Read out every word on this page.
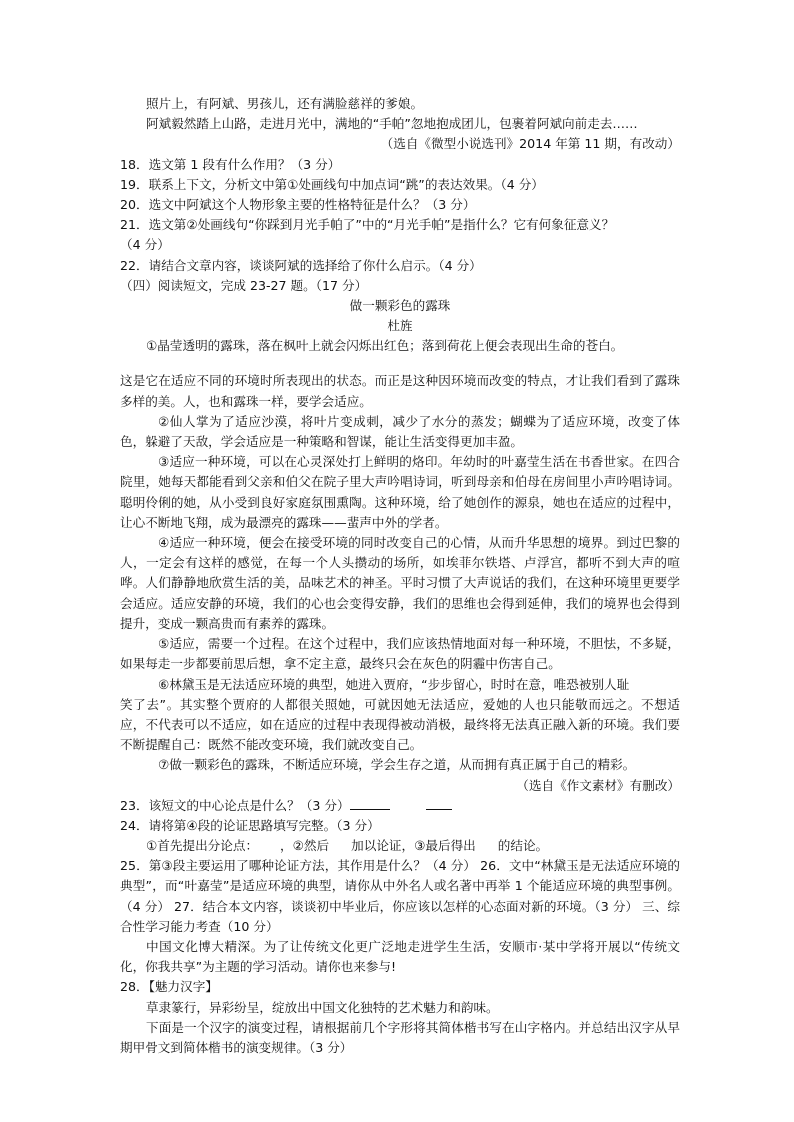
照片上，有阿斌、男孩儿，还有满脸慈祥的爹娘。
阿斌毅然踏上山路，走进月光中，满地的“手帕”忽地抱成团儿，包裹着阿斌向前走去……
（选自《微型小说选刊》2014 年第 11 期，有改动）
18．选文第 1 段有什么作用？（3 分）
19．联系上下文，分析文中第①处画线句中加点词“跳”的表达效果。（4 分）
20．选文中阿斌这个人物形象主要的性格特征是什么？（3 分）
21．选文第②处画线句“你踩到月光手帕了”中的“月光手帕”是指什么？它有何象征意义？
（4 分）
22．请结合文章内容，谈谈阿斌的选择给了你什么启示。（4 分）
（四）阅读短文，完成 23-27 题。（17 分）
做一颗彩色的露珠
杜旌
①晶莹透明的露珠，落在枫叶上就会闪烁出红色；落到荷花上便会表现出生命的苍白。
这是它在适应不同的环境时所表现出的状态。而正是这种因环境而改变的特点，才让我们看到了露珠多样的美。人，也和露珠一样，要学会适应。
②仙人掌为了适应沙漠，将叶片变成刺，减少了水分的蒸发；蝴蝶为了适应环境，改变了体色，躲避了天敌，学会适应是一种策略和智谋，能让生活变得更加丰盈。
③适应一种环境，可以在心灵深处打上鲜明的烙印。年幼时的叶嘉莹生活在书香世家。在四合院里，她每天都能看到父亲和伯父在院子里大声吟唱诗词，听到母亲和伯母在房间里小声吟唱诗词。聪明伶俐的她，从小受到良好家庭氛围熏陶。这种环境，给了她创作的源泉，她也在适应的过程中，让心不断地飞翔，成为最漂亮的露珠——蜚声中外的学者。
④适应一种环境，便会在接受环境的同时改变自己的心情，从而升华思想的境界。到过巴黎的人，一定会有这样的感觉，在每一个人头攒动的场所，如埃菲尔铁塔、卢浮宫，都听不到大声的喧哗。人们静静地欣赏生活的美，品味艺术的神圣。平时习惯了大声说话的我们，在这种环境里更要学会适应。适应安静的环境，我们的心也会变得安静，我们的思维也会得到延伸，我们的境界也会得到提升，变成一颗高贵而有素养的露珠。
⑤适应，需要一个过程。在这个过程中，我们应该热情地面对每一种环境，不胆怯，不多疑，如果每走一步都要前思后想，拿不定主意，最终只会在灰色的阴霾中伤害自己。
⑥林黛玉是无法适应环境的典型，她进入贾府，“步步留心，时时在意，唯恐被别人耻
笑了去”。其实整个贾府的人都很关照她，可就因她无法适应，爱她的人也只能敬而远之。不想适应，不代表可以不适应，如在适应的过程中表现得被动消极，最终将无法真正融入新的环境。我们要不断提醒自己：既然不能改变环境，我们就改变自己。
⑦做一颗彩色的露珠，不断适应环境，学会生存之道，从而拥有真正属于自己的精彩。
（选自《作文素材》有删改）
23．该短文的中心论点是什么？（3 分）
24．请将第④段的论证思路填写完整。（3 分）
①首先提出分论点： ，②然后 加以论证，③最后得出 的结论。
25．第③段主要运用了哪种论证方法，其作用是什么？（4 分） 26．文中“林黛玉是无法适应环境的典型”，而“叶嘉莹”是适应环境的典型，请你从中外名人或名著中再举 1 个能适应环境的典型事例。（4 分） 27．结合本文内容，谈谈初中毕业后，你应该以怎样的心态面对新的环境。（3 分） 三、综合性学习能力考查（10 分）
中国文化博大精深。为了让传统文化更广泛地走进学生生活，安顺市·某中学将开展以“传统文化，你我共享”为主题的学习活动。请你也来参与!
28．【魅力汉字】
草隶篆行，异彩纷呈，绽放出中国文化独特的艺术魅力和韵味。
下面是一个汉字的演变过程，请根据前几个字形将其简体楷书写在山字格内。并总结出汉字从早期甲骨文到简体楷书的演变规律。（3 分）
